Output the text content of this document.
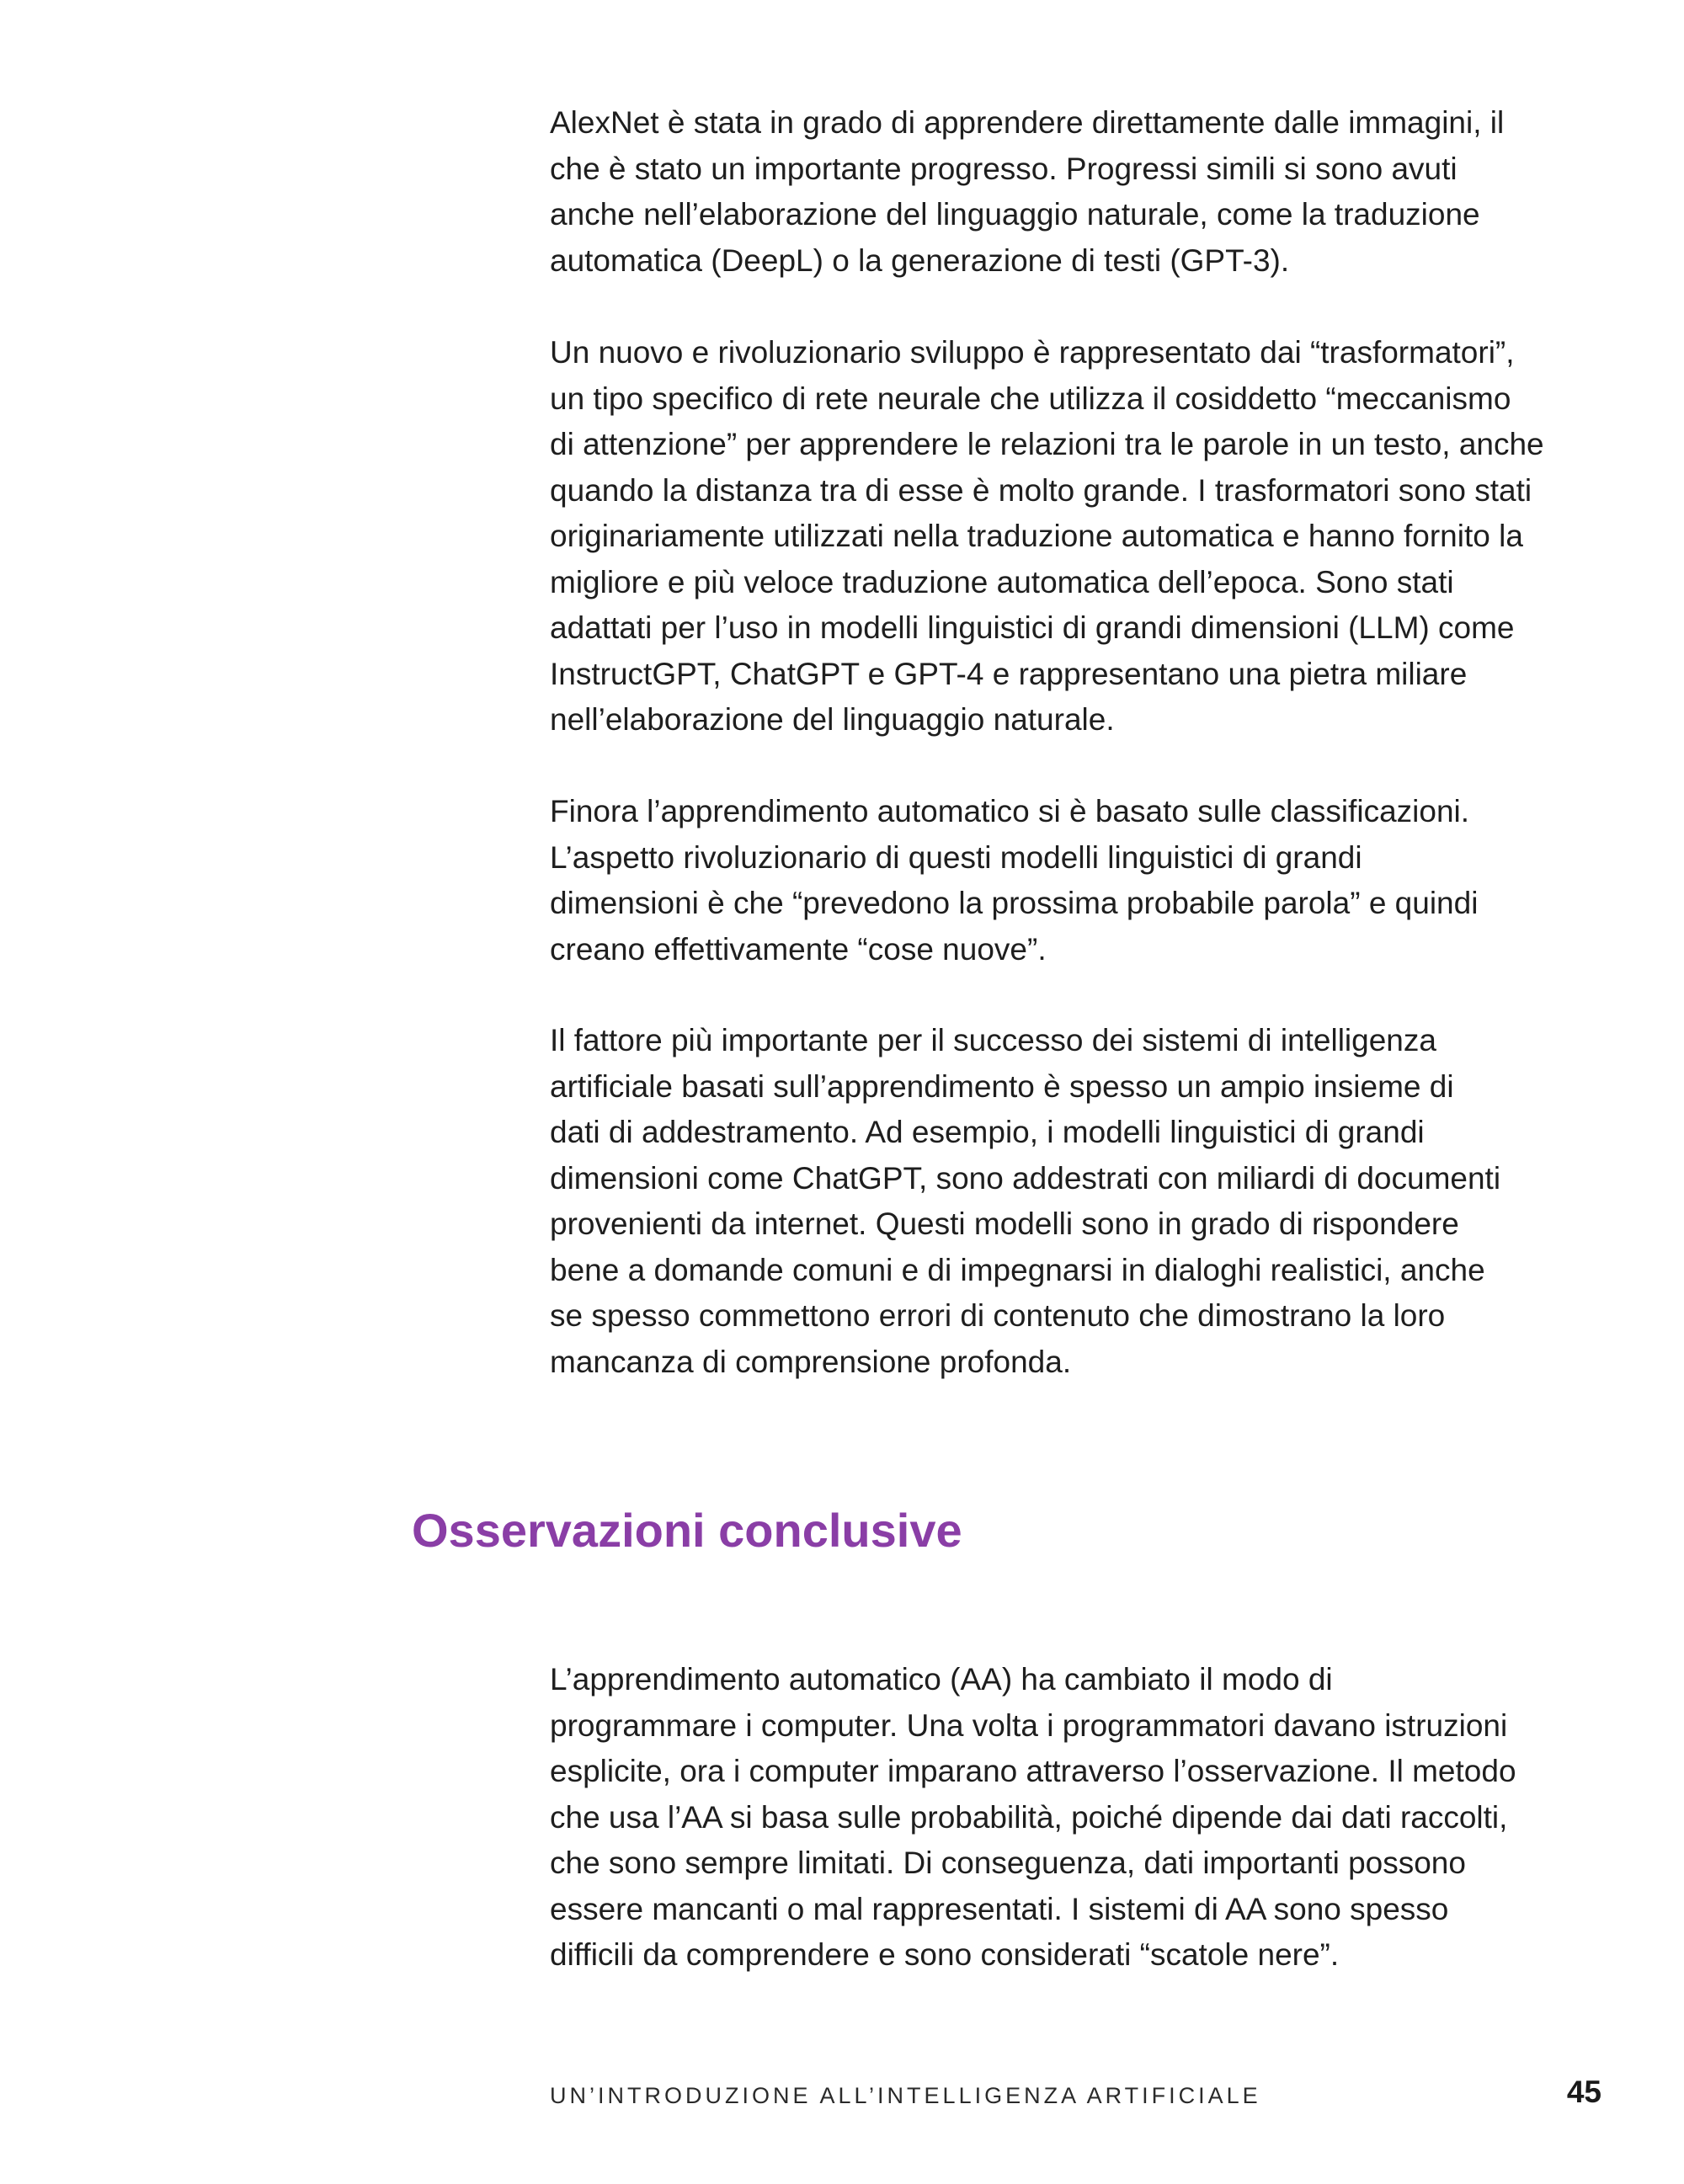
AlexNet è stata in grado di apprendere direttamente dalle immagini, il
che è stato un importante progresso. Progressi simili si sono avuti
anche nell’elaborazione del linguaggio naturale, come la traduzione
automatica (DeepL) o la generazione di testi (GPT-3).

Un nuovo e rivoluzionario sviluppo è rappresentato dai “trasformatori”,
un tipo specifico di rete neurale che utilizza il cosiddetto “meccanismo
di attenzione” per apprendere le relazioni tra le parole in un testo, anche
quando la distanza tra di esse è molto grande. I trasformatori sono stati
originariamente utilizzati nella traduzione automatica e hanno fornito la
migliore e più veloce traduzione automatica dell’epoca. Sono stati
adattati per l’uso in modelli linguistici di grandi dimensioni (LLM) come
InstructGPT, ChatGPT e GPT-4 e rappresentano una pietra miliare
nell’elaborazione del linguaggio naturale.

Finora l’apprendimento automatico si è basato sulle classificazioni.
L’aspetto rivoluzionario di questi modelli linguistici di grandi
dimensioni è che “prevedono la prossima probabile parola” e quindi
creano effettivamente “cose nuove”.

Il fattore più importante per il successo dei sistemi di intelligenza
artificiale basati sull’apprendimento è spesso un ampio insieme di
dati di addestramento. Ad esempio, i modelli linguistici di grandi
dimensioni come ChatGPT, sono addestrati con miliardi di documenti
provenienti da internet. Questi modelli sono in grado di rispondere
bene a domande comuni e di impegnarsi in dialoghi realistici, anche
se spesso commettono errori di contenuto che dimostrano la loro
mancanza di comprensione profonda.

Osservazioni conclusive

L’apprendimento automatico (AA) ha cambiato il modo di
programmare i computer. Una volta i programmatori davano istruzioni
esplicite, ora i computer imparano attraverso l’osservazione. Il metodo
che usa l’AA si basa sulle probabilità, poiché dipende dai dati raccolti,
che sono sempre limitati. Di conseguenza, dati importanti possono
essere mancanti o mal rappresentati. I sistemi di AA sono spesso
difficili da comprendere e sono considerati “scatole nere”.

UN’INTRODUZIONE ALL’INTELLIGENZA ARTIFICIALE	45
